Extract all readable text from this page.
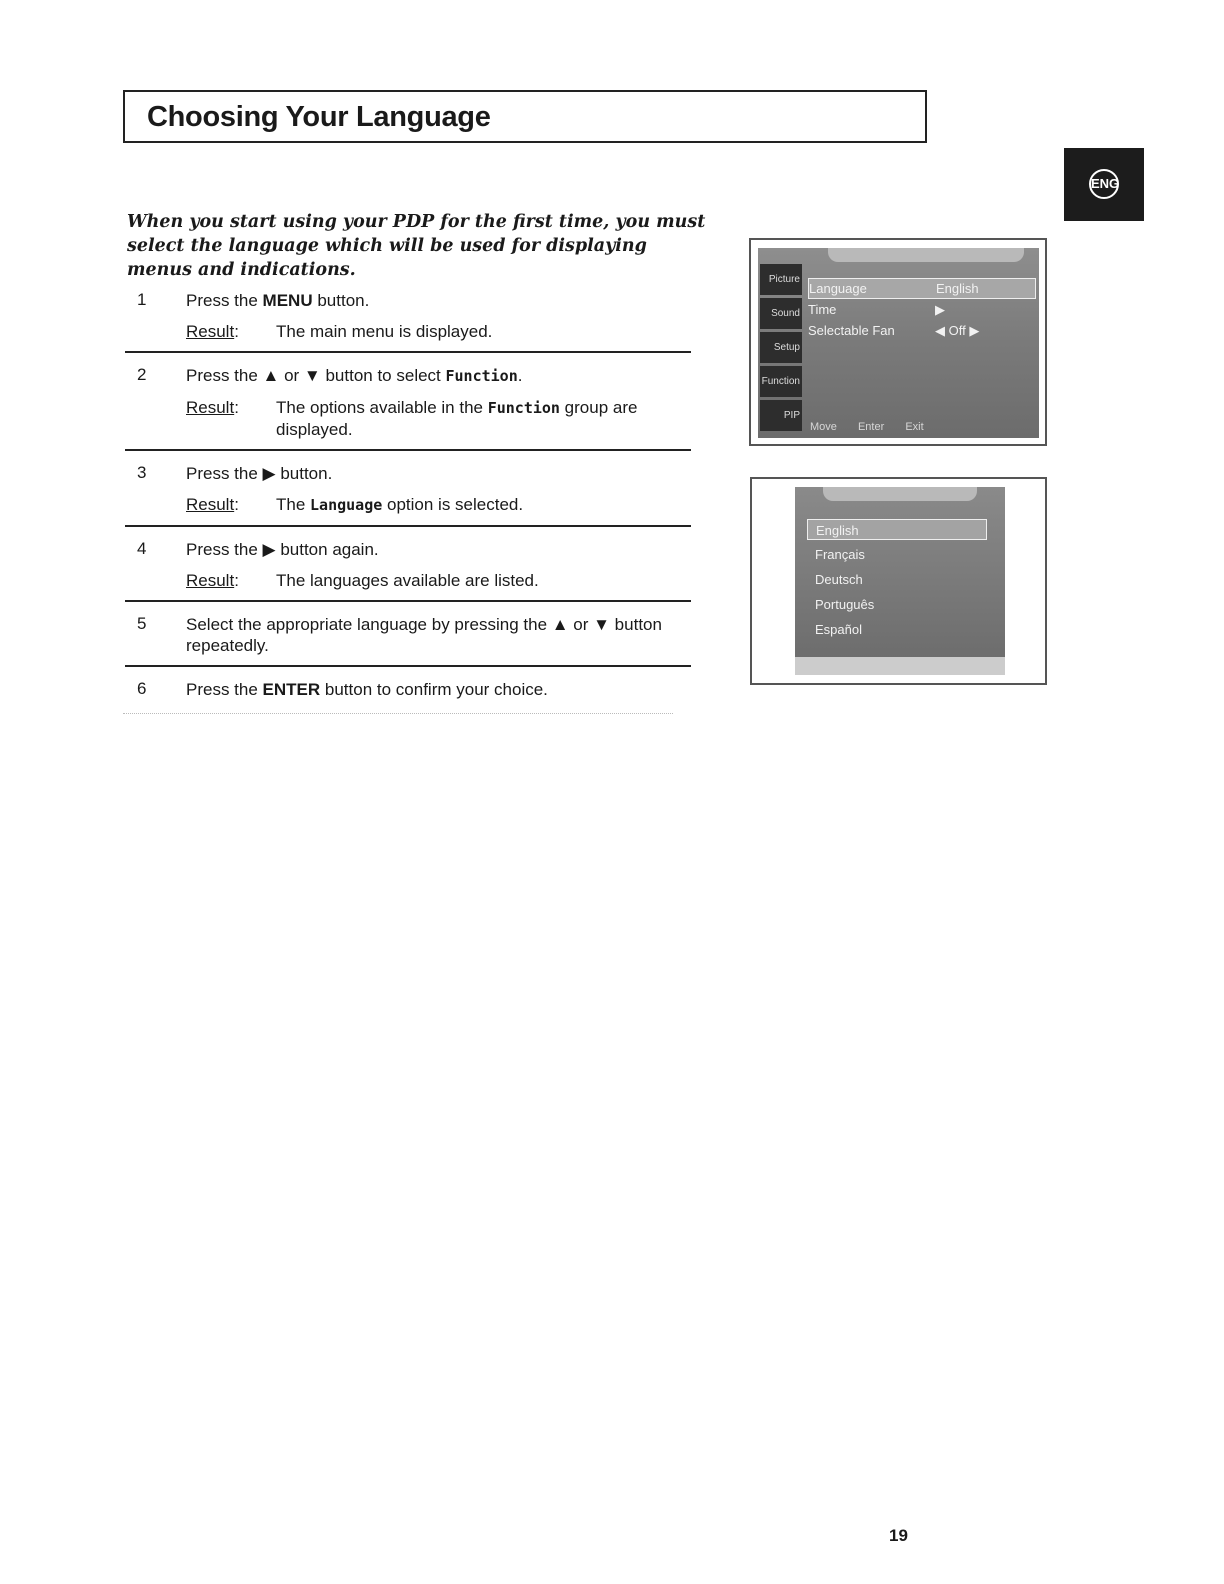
Choosing Your Language
ENG
When you start using your PDP for the first time, you must select the language which will be used for displaying menus and indications.
1 Press the MENU button.
Result:	The main menu is displayed.
2 Press the ▲ or ▼ button to select Function.
Result:	The options available in the Function group are displayed.
3 Press the ▶ button.
Result:	The Language option is selected.
4 Press the ▶ button again.
Result:	The languages available are listed.
5 Select the appropriate language by pressing the ▲ or ▼ button repeatedly.
6 Press the ENTER button to confirm your choice.
Picture
Sound
Setup
Function
PIP
Language	English
Time	▶
Selectable Fan	◀ Off ▶
Move Enter Exit
English
Français
Deutsch
Português
Español
19
